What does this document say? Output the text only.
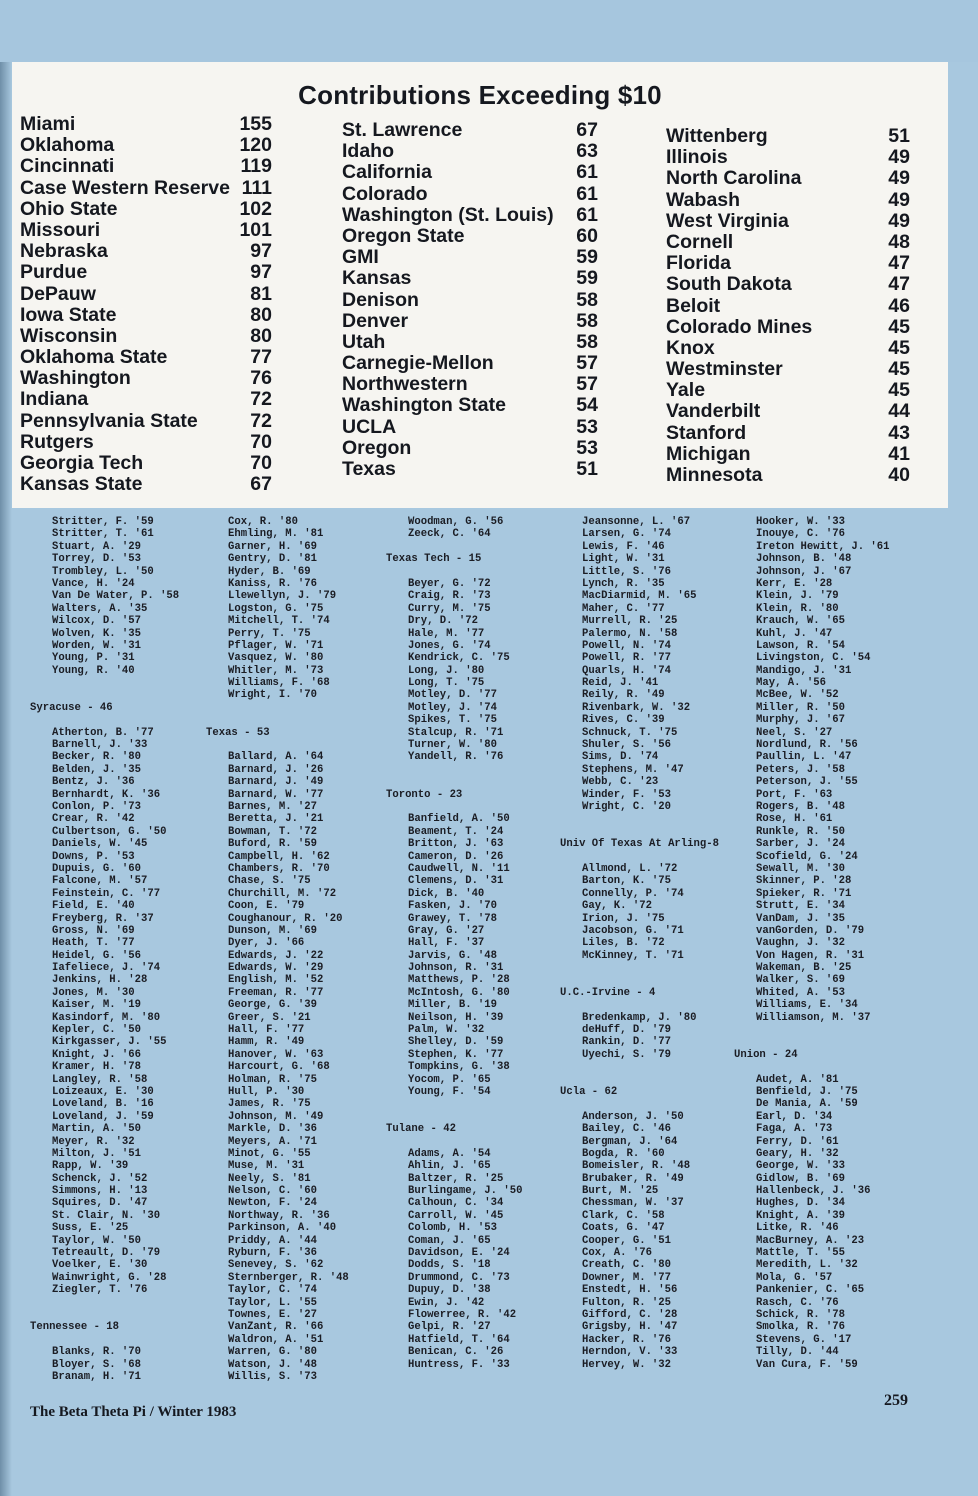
Contributions Exceeding $10
Miami	155
Oklahoma	120
Cincinnati	119
Case Western Reserve 111
Ohio State	102
Missouri	101
Nebraska	97
Purdue	97
DePauw	81
Iowa State	80
Wisconsin	80
Oklahoma State	77
Washington	76
Indiana	72
Pennsylvania State	72
Rutgers	70
Georgia Tech	70
Kansas State	67
St. Lawrence	67
Idaho	63
California	61
Colorado	61
Washington (St. Louis) 61
Oregon State	60
GMI	59
Kansas	59
Denison	58
Denver	58
Utah	58
Carnegie-Mellon	57
Northwestern	57
Washington State	54
UCLA	53
Oregon	53
Texas	51
Wittenberg	51
Illinois	49
North Carolina	49
Wabash	49
West Virginia	49
Cornell	48
Florida	47
South Dakota	47
Beloit	46
Colorado Mines	45
Knox	45
Westminster	45
Yale	45
Vanderbilt	44
Stanford	43
Michigan	41
Minnesota	40
Stritter, F. '59
Stritter, T. '61
Stuart, A. '29
Torrey, D. '53
Trombley, L. '50
Vance, H. '24
Van De Water, P. '58
Walters, A. '35
Wilcox, D. '57
Wolven, K. '35
Worden, W. '31
Young, P. '31
Young, R. '40
Syracuse - 46
Atherton, B. '77
Barnell, J. '33
Becker, R. '80
Belden, J. '35
Bentz, J. '36
Bernhardt, K. '36
Conlon, P. '73
Crear, R. '42
Culbertson, G. '50
Daniels, W. '45
Downs, P. '53
Dupuis, G. '60
Falcone, M. '57
Feinstein, C. '77
Field, E. '40
Freyberg, R. '37
Gross, N. '69
Heath, T. '77
Heidel, G. '56
Iafeliece, J. '74
Jenkins, H. '28
Jones, M. '30
Kaiser, M. '19
Kasindorf, M. '80
Kepler, C. '50
Kirkgasser, J. '55
Knight, J. '66
Kramer, H. '78
Langley, R. '58
Loizeaux, E. '30
Loveland, B. '16
Loveland, J. '59
Martin, A. '50
Meyer, R. '32
Milton, J. '51
Rapp, W. '39
Schenck, J. '52
Simmons, H. '13
Squires, D. '47
St. Clair, N. '30
Suss, E. '25
Taylor, W. '50
Tetreault, D. '79
Voelker, E. '30
Wainwright, G. '28
Ziegler, T. '76
Tennessee - 18
Blanks, R. '70
Bloyer, S. '68
Branam, H. '71
Cox, R. '80
Ehmling, M. '81
Garner, H. '69
Gentry, D. '81
Hyder, B. '69
Kaniss, R. '76
Llewellyn, J. '79
Logston, G. '75
Mitchell, T. '74
Perry, T. '75
Pflager, W. '71
Vasquez, W. '80
Whitler, M. '73
Williams, F. '68
Wright, I. '70
Texas - 53
Ballard, A. '64
Barnard, J. '26
Barnard, J. '49
Barnard, W. '77
Barnes, M. '27
Beretta, J. '21
Bowman, T. '72
Buford, R. '59
Campbell, H. '62
Chambers, R. '70
Chase, S. '75
Churchill, M. '72
Coon, E. '79
Coughanour, R. '20
Dunson, M. '69
Dyer, J. '66
Edwards, J. '22
Edwards, W. '29
English, M. '52
Freeman, R. '77
George, G. '39
Greer, S. '21
Hall, F. '77
Hamm, R. '49
Hanover, W. '63
Harcourt, G. '68
Holman, R. '75
Hull, P. '30
James, R. '75
Johnson, M. '49
Markle, D. '36
Meyers, A. '71
Minot, G. '55
Muse, M. '31
Neely, S. '81
Nelson, C. '60
Newton, F. '24
Northway, R. '36
Parkinson, A. '40
Priddy, A. '44
Ryburn, F. '36
Senevey, S. '62
Sternberger, R. '48
Taylor, C. '74
Taylor, L. '55
Townes, E. '27
VanZant, R. '66
Waldron, A. '51
Warren, G. '80
Watson, J. '48
Willis, S. '73
Woodman, G. '56
Zeeck, C. '64
Texas Tech - 15
Beyer, G. '72
Craig, R. '73
Curry, M. '75
Dry, D. '72
Hale, M. '77
Jones, G. '74
Kendrick, C. '75
Long, J. '80
Long, T. '75
Motley, D. '77
Motley, J. '74
Spikes, T. '75
Stalcup, R. '71
Turner, W. '80
Yandell, R. '76
Toronto - 23
Banfield, A. '50
Beament, T. '24
Britton, J. '63
Cameron, D. '26
Caudwell, N. '11
Clemens, D. '31
Dick, B. '40
Fasken, J. '70
Grawey, T. '78
Gray, G. '27
Hall, F. '37
Jarvis, G. '48
Johnson, R. '31
Matthews, P. '28
McIntosh, G. '80
Miller, B. '19
Neilson, H. '39
Palm, W. '32
Shelley, D. '59
Stephen, K. '77
Tompkins, G. '38
Yocom, P. '65
Young, F. '54
Tulane - 42
Adams, A. '54
Ahlin, J. '65
Baltzer, R. '25
Burlingame, J. '50
Calhoun, C. '34
Carroll, W. '45
Colomb, H. '53
Coman, J. '65
Davidson, E. '24
Dodds, S. '18
Drummond, C. '73
Dupuy, D. '38
Ewin, J. '42
Flowerree, R. '42
Gelpi, R. '27
Hatfield, T. '64
Benican, C. '26
Huntress, F. '33
Jeansonne, L. '67
Larsen, G. '74
Lewis, F. '46
Light, W. '31
Little, S. '76
Lynch, R. '35
MacDiarmid, M. '65
Maher, C. '77
Murrell, R. '25
Palermo, N. '58
Powell, N. '74
Powell, R. '77
Quarls, H. '74
Reid, J. '41
Reily, R. '49
Rivenbark, W. '32
Rives, C. '39
Schnuck, T. '75
Shuler, S. '56
Sims, D. '74
Stephens, M. '47
Webb, C. '23
Winder, F. '53
Wright, C. '20
Univ Of Texas At Arling-8
Allmond, L. '72
Barton, K. '75
Connelly, P. '74
Gay, K. '72
Irion, J. '75
Jacobson, G. '71
Liles, B. '72
McKinney, T. '71
U.C.-Irvine - 4
Bredenkamp, J. '80
deHuff, D. '79
Rankin, D. '77
Uyechi, S. '79
Ucla - 62
Anderson, J. '50
Bailey, C. '46
Bergman, J. '64
Bogda, R. '60
Bomeisler, R. '48
Brubaker, R. '49
Burt, M. '25
Chessman, W. '37
Clark, C. '58
Coats, G. '47
Cooper, G. '51
Cox, A. '76
Creath, C. '80
Downer, M. '77
Enstedt, H. '56
Fulton, R. '25
Gifford, C. '28
Grigsby, H. '47
Hacker, R. '76
Herndon, V. '33
Hervey, W. '32
Hooker, W. '33
Inouye, C. '76
Ireton Hewitt, J. '61
Johnson, B. '48
Johnson, J. '67
Kerr, E. '28
Klein, J. '79
Klein, R. '80
Krauch, W. '65
Kuhl, J. '47
Lawson, R. '54
Livingston, C. '54
Mandigo, J. '31
May, A. '56
McBee, W. '52
Miller, R. '50
Murphy, J. '67
Neel, S. '27
Nordlund, R. '56
Paullin, L. '47
Peters, J. '58
Peterson, J. '55
Port, F. '63
Rogers, B. '48
Rose, H. '61
Runkle, R. '50
Sarber, J. '24
Scofield, G. '24
Sewall, M. '30
Skinner, P. '28
Spieker, R. '71
Strutt, E. '34
VanDam, J. '35
vanGorden, D. '79
Vaughn, J. '32
Von Hagen, R. '31
Wakeman, B. '25
Walker, S. '69
Whited, A. '53
Williams, E. '34
Williamson, M. '37
Union - 24
Audet, A. '81
Benfield, J. '75
De Mania, A. '59
Earl, D. '34
Faga, A. '73
Ferry, D. '61
Geary, H. '32
George, W. '33
Gidlow, B. '69
Hallenbeck, J. '36
Hughes, D. '34
Knight, A. '39
Litke, R. '46
MacBurney, A. '23
Mattle, T. '55
Meredith, L. '32
Mola, G. '57
Pankenier, C. '65
Rasch, C. '76
Schick, R. '78
Smolka, R. '76
Stevens, G. '17
Tilly, D. '44
Van Cura, F. '59
The Beta Theta Pi / Winter 1983
259
